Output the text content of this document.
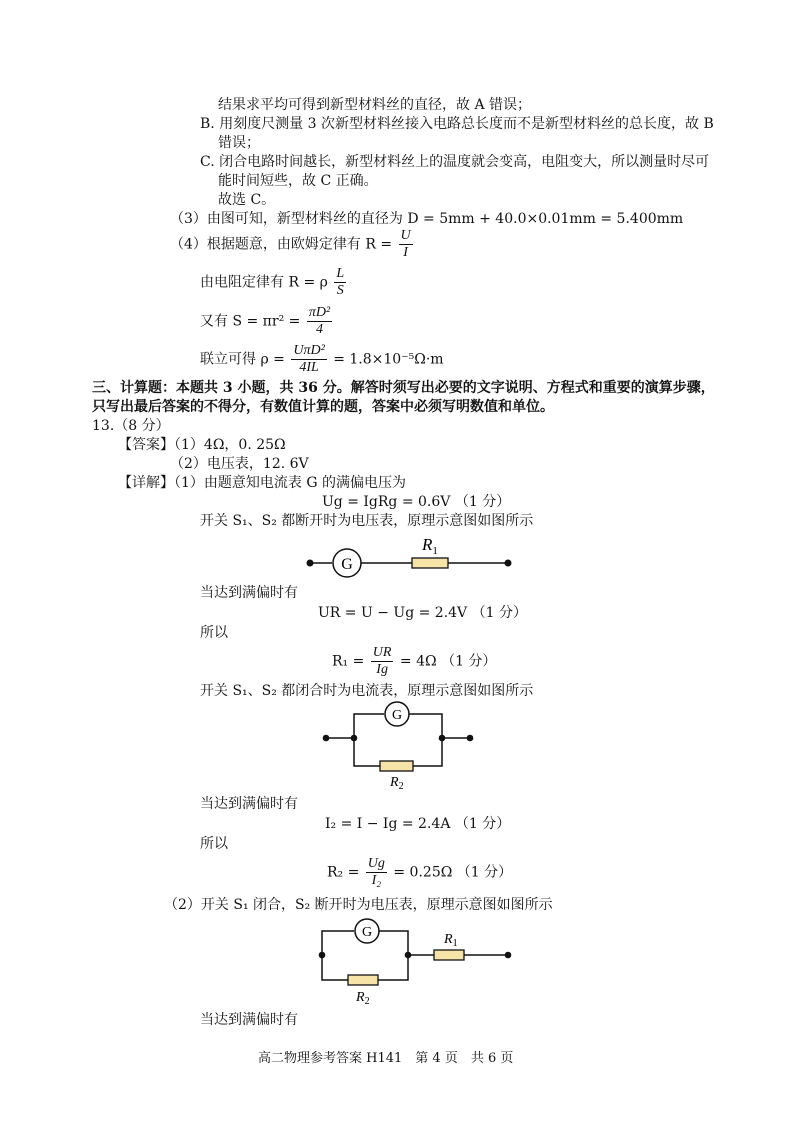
结果求平均可得到新型材料丝的直径，故 A 错误；
B. 用刻度尺测量 3 次新型材料丝接入电路总长度而不是新型材料丝的总长度，故 B
错误；
C. 闭合电路时间越长，新型材料丝上的温度就会变高，电阻变大，所以测量时尽可
能时间短些，故 C 正确。
故选 C。
（3）由图可知，新型材料丝的直径为 D = 5mm + 40.0×0.01mm = 5.400mm
（4）根据题意，由欧姆定律有 $R = \frac{U}{I}$
由电阻定律有 R = ρ $\frac{L}{S}$
又有 $S = \pi r^2 = \frac{\text{πD²}}{4}$
联立可得 $\rho = \frac{\text{UπD²}}{4IL} = 1.8\times 10^{-5}\Omega\cdot m$
三、计算题：本题共 3 小题，共 36 分。解答时须写出必要的文字说明、方程式和重要的演算步骤，
只写出最后答案的不得分，有数值计算的题，答案中必须写明数值和单位。
13.（8 分）
【答案】（1）4Ω，0. 25Ω
（2）电压表，12. 6V
【详解】（1）由题意知电流表 G 的满偏电压为
Ug = IgRg = 0.6V （1 分）
开关 S₁、S₂ 都断开时为电压表，原理示意图如图所示
G
$R_1$
当达到满偏时有
UR = U − Ug = 2.4V （1 分）
所以
$R_1 = \frac{UR}{Ig} = 4\Omega$ （1 分）
开关 S₁、S₂ 都闭合时为电流表，原理示意图如图所示
G
$R_2$
当达到满偏时有
I₂ = I − Ig = 2.4A （1 分）
所以
$R_2 = \frac{Ug}{\text{I₂}} = 0.25\Omega$ （1 分）
（2）开关 S₁ 闭合，S₂ 断开时为电压表，原理示意图如图所示
G
$R_2$
$R_1$
当达到满偏时有
高二物理参考答案 H141　第 4 页　共 6 页
